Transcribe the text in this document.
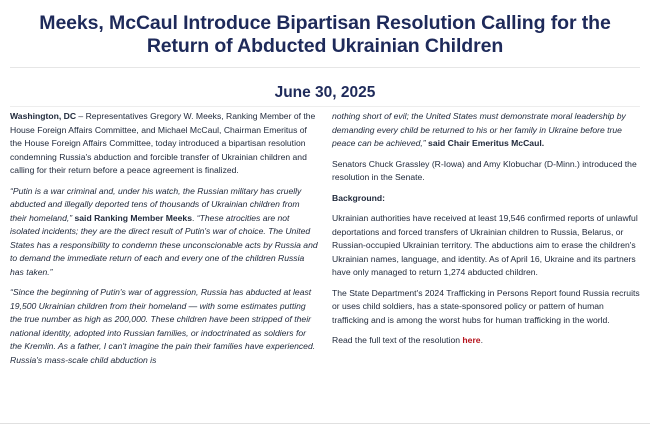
Meeks, McCaul Introduce Bipartisan Resolution Calling for the
Return of Abducted Ukrainian Children
June 30, 2025

Washington, DC – Representatives Gregory W. Meeks, Ranking Member of the House Foreign Affairs Committee, and Michael McCaul, Chairman Emeritus of the House Foreign Affairs Committee, today introduced a bipartisan resolution condemning Russia's abduction and forcible transfer of Ukrainian children and calling for their return before a peace agreement is finalized.

“Putin is a war criminal and, under his watch, the Russian military has cruelly abducted and illegally deported tens of thousands of Ukrainian children from their homeland,” said Ranking Member Meeks. “These atrocities are not isolated incidents; they are the direct result of Putin's war of choice. The United States has a responsibility to condemn these unconscionable acts by Russia and to demand the immediate return of each and every one of the children Russia has taken.”

“Since the beginning of Putin's war of aggression, Russia has abducted at least 19,500 Ukrainian children from their homeland — with some estimates putting the true number as high as 200,000. These children have been stripped of their national identity, adopted into Russian families, or indoctrinated as soldiers for the Kremlin. As a father, I can't imagine the pain their families have experienced. Russia's mass-scale child abduction is

nothing short of evil; the United States must demonstrate moral leadership by demanding every child be returned to his or her family in Ukraine before true peace can be achieved,” said Chair Emeritus McCaul.

Senators Chuck Grassley (R-Iowa) and Amy Klobuchar (D-Minn.) introduced the resolution in the Senate.

Background:

Ukrainian authorities have received at least 19,546 confirmed reports of unlawful deportations and forced transfers of Ukrainian children to Russia, Belarus, or Russian-occupied Ukrainian territory. The abductions aim to erase the children's Ukrainian names, language, and identity. As of April 16, Ukraine and its partners have only managed to return 1,274 abducted children.

The State Department's 2024 Trafficking in Persons Report found Russia recruits or uses child soldiers, has a state-sponsored policy or pattern of human trafficking and is among the worst hubs for human trafficking in the world.

Read the full text of the resolution here.
